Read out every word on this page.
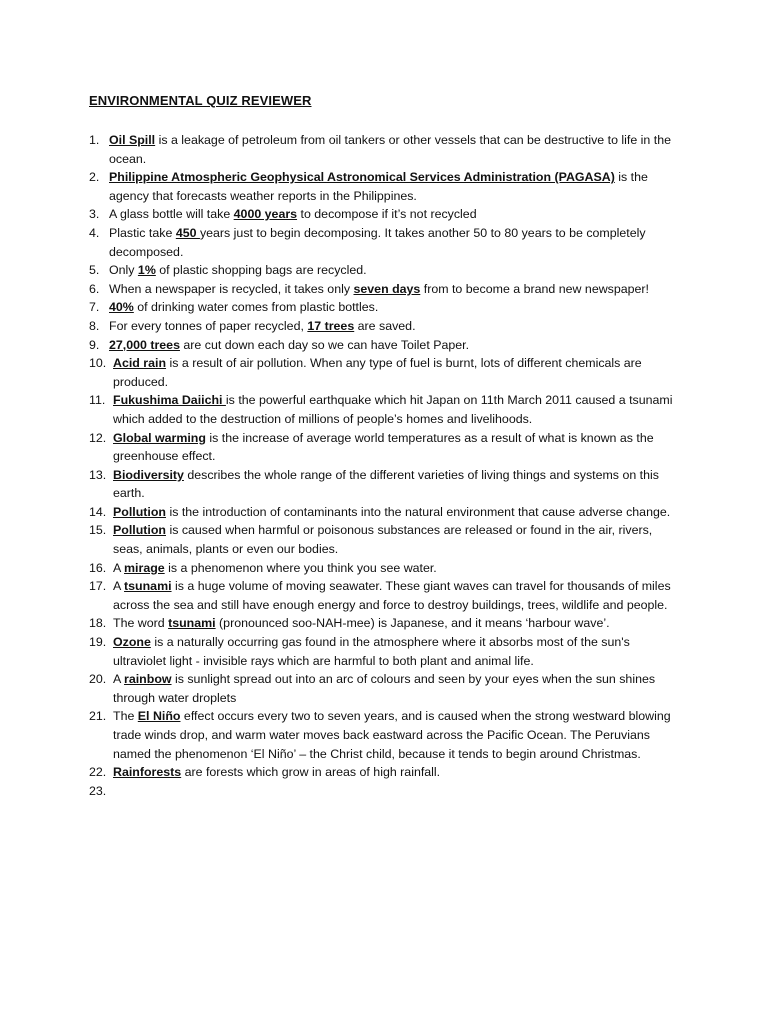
ENVIRONMENTAL QUIZ REVIEWER
1. Oil Spill is a leakage of petroleum from oil tankers or other vessels that can be destructive to life in the ocean.
2. Philippine Atmospheric Geophysical Astronomical Services Administration (PAGASA) is the agency that forecasts weather reports in the Philippines.
3. A glass bottle will take 4000 years to decompose if it’s not recycled
4. Plastic take 450 years just to begin decomposing. It takes another 50 to 80 years to be completely decomposed.
5. Only 1% of plastic shopping bags are recycled.
6. When a newspaper is recycled, it takes only seven days from to become a brand new newspaper!
7. 40% of drinking water comes from plastic bottles.
8. For every tonnes of paper recycled, 17 trees are saved.
9. 27,000 trees are cut down each day so we can have Toilet Paper.
10. Acid rain is a result of air pollution. When any type of fuel is burnt, lots of different chemicals are produced.
11. Fukushima Daiichi is the powerful earthquake which hit Japan on 11th March 2011 caused a tsunami which added to the destruction of millions of people’s homes and livelihoods.
12. Global warming is the increase of average world temperatures as a result of what is known as the greenhouse effect.
13. Biodiversity describes the whole range of the different varieties of living things and systems on this earth.
14. Pollution is the introduction of contaminants into the natural environment that cause adverse change.
15. Pollution is caused when harmful or poisonous substances are released or found in the air, rivers, seas, animals, plants or even our bodies.
16. A mirage is a phenomenon where you think you see water.
17. A tsunami is a huge volume of moving seawater. These giant waves can travel for thousands of miles across the sea and still have enough energy and force to destroy buildings, trees, wildlife and people.
18. The word tsunami (pronounced soo-NAH-mee) is Japanese, and it means ‘harbour wave’.
19. Ozone is a naturally occurring gas found in the atmosphere where it absorbs most of the sun's ultraviolet light - invisible rays which are harmful to both plant and animal life.
20. A rainbow is sunlight spread out into an arc of colours and seen by your eyes when the sun shines through water droplets
21. The El Niño effect occurs every two to seven years, and is caused when the strong westward blowing trade winds drop, and warm water moves back eastward across the Pacific Ocean. The Peruvians named the phenomenon ‘El Niño’ – the Christ child, because it tends to begin around Christmas.
22. Rainforests are forests which grow in areas of high rainfall.
23.
